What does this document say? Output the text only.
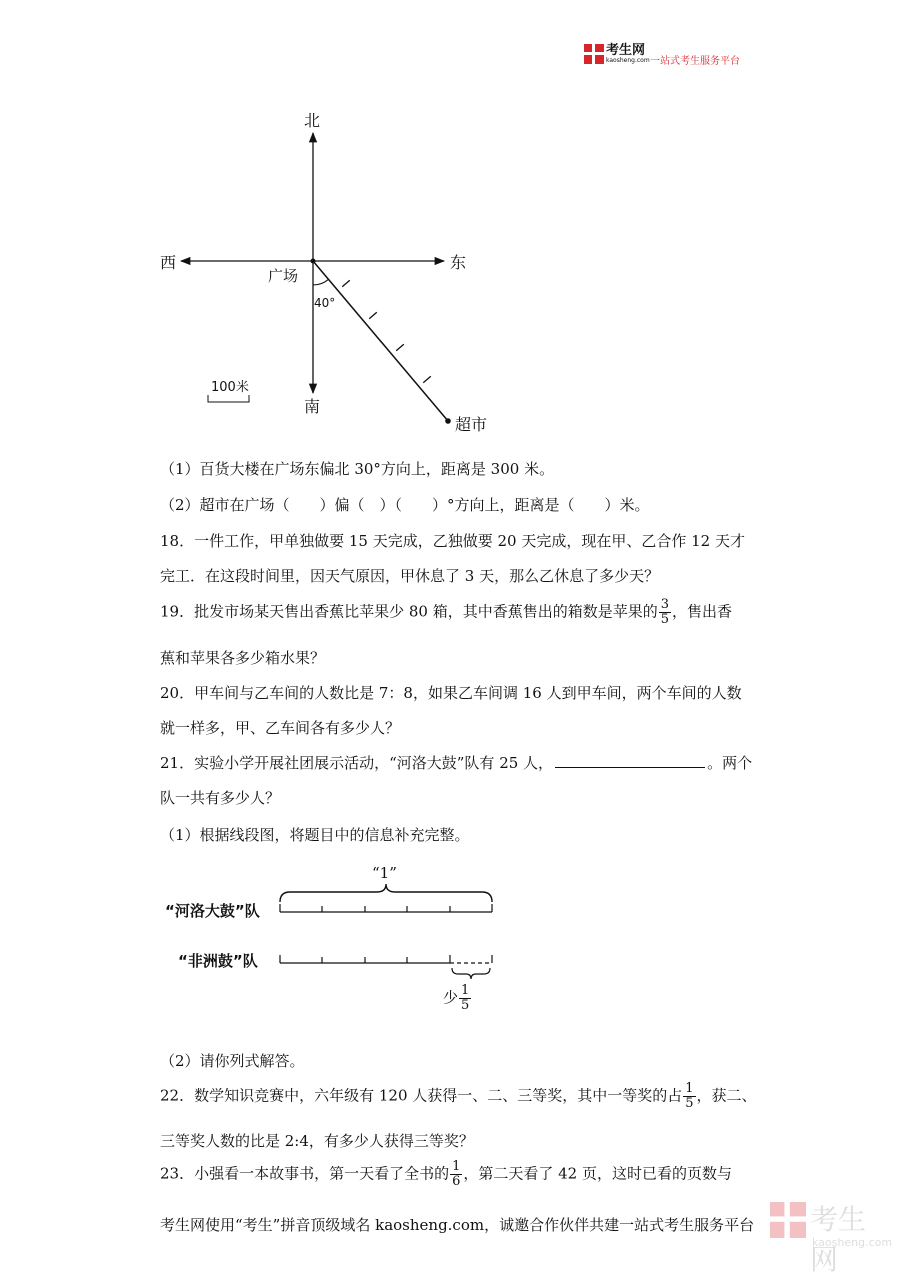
考生网
kaosheng.com 一站式考生服务平台
北
南
东
西
广场
40°
100米
超市
（1）百货大楼在广场东偏北 30°方向上，距离是 300 米。
（2）超市在广场（　　）偏（　）（　　）°方向上，距离是（　　）米。
18．一件工作，甲单独做要 15 天完成，乙独做要 20 天完成，现在甲、乙合作 12 天才
完工．在这段时间里，因天气原因，甲休息了 3 天，那么乙休息了多少天？
19．批发市场某天售出香蕉比苹果少 80 箱，其中香蕉售出的箱数是苹果的 $\frac{3}{5}$ ，售出香
蕉和苹果各多少箱水果？
20．甲车间与乙车间的人数比是 7：8，如果乙车间调 16 人到甲车间，两个车间的人数
就一样多，甲、乙车间各有多少人？
21．实验小学开展社团展示活动，“河洛大鼓”队有 25 人，	。两个
队一共有多少人？
（1）根据线段图，将题目中的信息补充完整。
“1”
“河洛大鼓”队
“非洲鼓”队
少 $\frac{1}{5}$
（2）请你列式解答。
22．数学知识竞赛中，六年级有 120 人获得一、二、三等奖，其中一等奖的占 $\frac{1}{5}$ ，获二、
三等奖人数的比是 2:4，有多少人获得三等奖？
23．小强看一本故事书，第一天看了全书的 $\frac{1}{6}$ ，第二天看了 42 页，这时已看的页数与
考生网使用“考生”拼音顶级域名 kaosheng.com，诚邀合作伙伴共建一站式考生服务平台 考生网
kaosheng.com
